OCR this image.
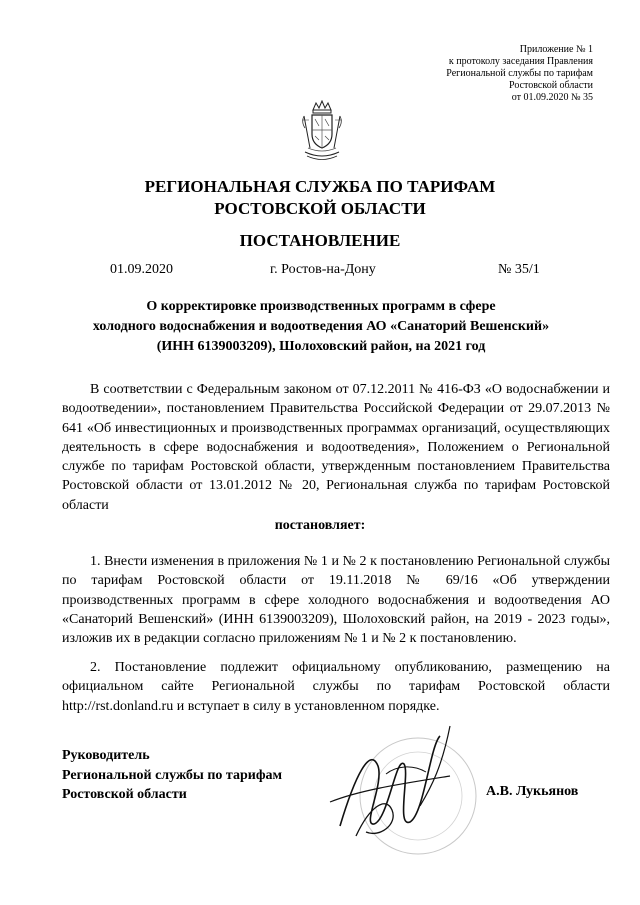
Приложение № 1
к протоколу заседания Правления
Региональной службы по тарифам
Ростовской области
от 01.09.2020 № 35
РЕГИОНАЛЬНАЯ СЛУЖБА ПО ТАРИФАМ
РОСТОВСКОЙ ОБЛАСТИ
ПОСТАНОВЛЕНИЕ
01.09.2020	г. Ростов-на-Дону	№ 35/1
О корректировке производственных программ в сфере
холодного водоснабжения и водоотведения АО «Санаторий Вешенский»
(ИНН 6139003209), Шолоховский район, на 2021 год

В соответствии с Федеральным законом от 07.12.2011 № 416-ФЗ «О водоснабжении и водоотведении», постановлением Правительства Российской Федерации от 29.07.2013 № 641 «Об инвестиционных и производственных программах организаций, осуществляющих деятельность в сфере водоснабжения и водоотведения», Положением о Региональной службе по тарифам Ростовской области, утвержденным постановлением Правительства Ростовской области от 13.01.2012 № 20, Региональная служба по тарифам Ростовской области

постановляет:

1. Внести изменения в приложения № 1 и № 2 к постановлению Региональной службы по тарифам Ростовской области от 19.11.2018 № 69/16 «Об утверждении производственных программ в сфере холодного водоснабжения и водоотведения АО «Санаторий Вешенский» (ИНН 6139003209), Шолоховский район, на 2019 - 2023 годы», изложив их в редакции согласно приложениям № 1 и № 2 к постановлению.

2. Постановление подлежит официальному опубликованию, размещению на официальном сайте Региональной службы по тарифам Ростовской области http://rst.donland.ru и вступает в силу в установленном порядке.

Руководитель
Региональной службы по тарифам
Ростовской области	А.В. Лукьянов
